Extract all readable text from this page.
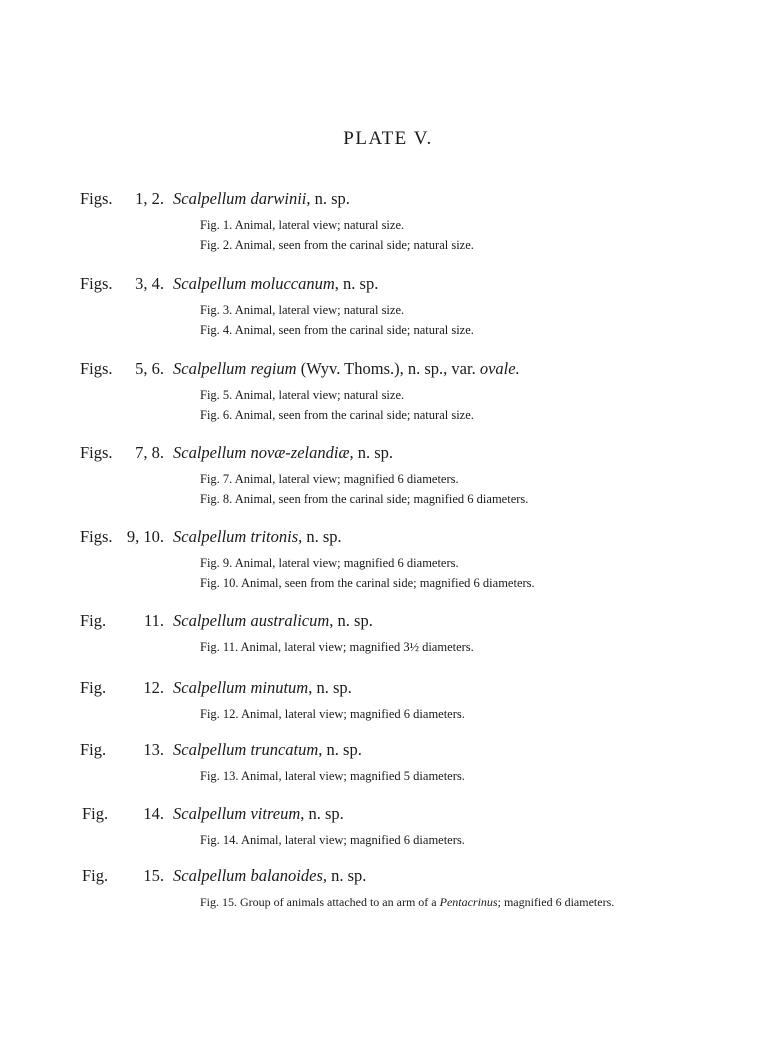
PLATE V.
Figs.	1, 2. Scalpellum darwinii, n. sp.
Fig. 1. Animal, lateral view; natural size.
Fig. 2. Animal, seen from the carinal side; natural size.
Figs.	3, 4. Scalpellum moluccanum, n. sp.
Fig. 3. Animal, lateral view; natural size.
Fig. 4. Animal, seen from the carinal side; natural size.
Figs.	5, 6. Scalpellum regium (Wyv. Thoms.), n. sp., var. ovale.
Fig. 5. Animal, lateral view; natural size.
Fig. 6. Animal, seen from the carinal side; natural size.
Figs.	7, 8. Scalpellum novæ-zelandiæ, n. sp.
Fig. 7. Animal, lateral view; magnified 6 diameters.
Fig. 8. Animal, seen from the carinal side; magnified 6 diameters.
Figs. 9, 10. Scalpellum tritonis, n. sp.
Fig. 9. Animal, lateral view; magnified 6 diameters.
Fig. 10. Animal, seen from the carinal side; magnified 6 diameters.
Fig.	11. Scalpellum australicum, n. sp.
Fig. 11. Animal, lateral view; magnified 3½ diameters.
Fig.	12. Scalpellum minutum, n. sp.
Fig. 12. Animal, lateral view; magnified 6 diameters.
Fig.	13. Scalpellum truncatum, n. sp.
Fig. 13. Animal, lateral view; magnified 5 diameters.
Fig.	14. Scalpellum vitreum, n. sp.
Fig. 14. Animal, lateral view; magnified 6 diameters.
Fig.	15. Scalpellum balanoides, n. sp.
Fig. 15. Group of animals attached to an arm of a Pentacrinus; magnified 6 diameters.
